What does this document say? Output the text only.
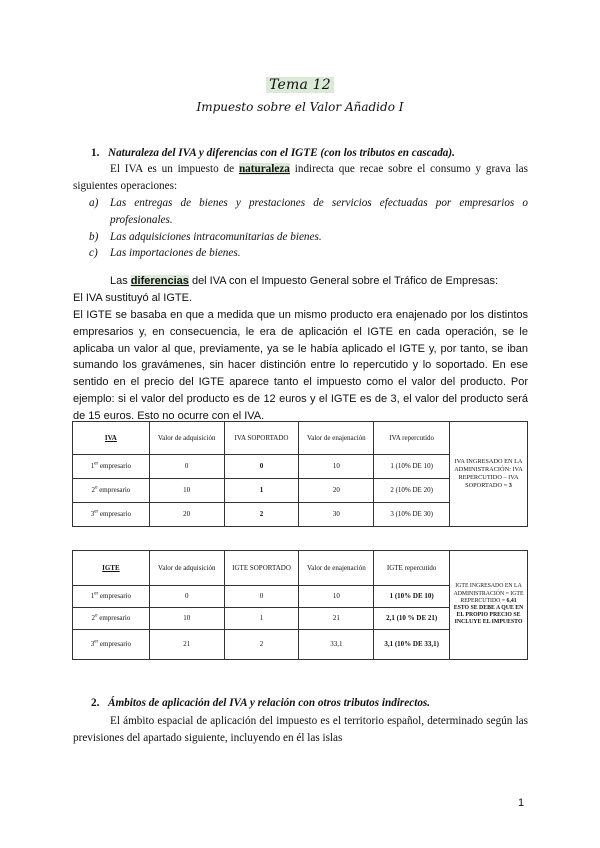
Tema 12
Impuesto sobre el Valor Añadido I
1. Naturaleza del IVA y diferencias con el IGTE (con los tributos en cascada).
El IVA es un impuesto de naturaleza indirecta que recae sobre el consumo y grava las siguientes operaciones:
a) Las entregas de bienes y prestaciones de servicios efectuadas por empresarios o profesionales.
b) Las adquisiciones intracomunitarias de bienes.
c) Las importaciones de bienes.
Las diferencias del IVA con el Impuesto General sobre el Tráfico de Empresas:
El IVA sustituyó al IGTE.
El IGTE se basaba en que a medida que un mismo producto era enajenado por los distintos empresarios y, en consecuencia, le era de aplicación el IGTE en cada operación, se le aplicaba un valor al que, previamente, ya se le había aplicado el IGTE y, por tanto, se iban sumando los gravámenes, sin hacer distinción entre lo repercutido y lo soportado. En ese sentido en el precio del IGTE aparece tanto el impuesto como el valor del producto. Por ejemplo: si el valor del producto es de 12 euros y el IGTE es de 3, el valor del producto será de 15 euros. Esto no ocurre con el IVA.
IVA	Valor de adquisición	IVA SOPORTADO	Valor de enajenación	IVA repercutido	IVA INGRESADO EN LA ADMINISTRACIÓN: IVA REPERCUTIDO – IVA SOPORTADO = 3
1er empresario	0	0	10	1 (10% DE 10)	
2$^o$ empresario	10	1	20	2 (10% DE 20)	
3er empresario	20	2	30	3 (10% DE 30)	
IGTE	Valor de adquisición	IGTE SOPORTADO	Valor de enajenación	IGTE repercutido	IGTE INGRESADO EN LA ADMINISTRACIÓN = IGTE REPERCUTIDO = 6,41 ESTO SE DEBE A QUE EN EL PROPIO PRECIO SE INCLUYE EL IMPUESTO
1er empresario	0	0	10	1 (10% DE 10)	
2$^o$ empresario	10	1	21	2,1 (10 % DE 21)	
3er empresario	21	2	33,1	3,1 (10% DE 33,1)	
2. Ámbitos de aplicación del IVA y relación con otros tributos indirectos.
El ámbito espacial de aplicación del impuesto es el territorio español, determinado según las previsiones del apartado siguiente, incluyendo en él las islas
1
